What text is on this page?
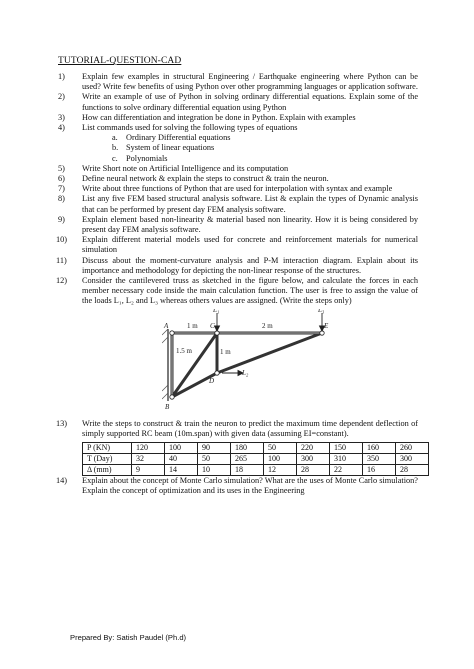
TUTORIAL-QUESTION-CAD
1)	Explain few examples in structural Engineering / Earthquake engineering where Python can be used? Write few benefits of using Python over other programming languages or application software.
2)	Write an example of use of Python in solving ordinary differential equations. Explain some of the functions to solve ordinary differential equation using Python
3)	How can differentiation and integration be done in Python. Explain with examples
4)	List commands used for solving the following types of equations
a. Ordinary Differential equations
b. System of linear equations
c. Polynomials
5)	Write Short note on Artificial Intelligence and its computation
6)	Define neural network & explain the steps to construct & train the neuron.
7)	Write about three functions of Python that are used for interpolation with syntax and example
8)	List any five FEM based structural analysis software. List & explain the types of Dynamic analysis that can be performed by present day FEM analysis software.
9)	Explain element based non-linearity & material based non linearity. How it is being considered by present day FEM analysis software.
10)	Explain different material models used for concrete and reinforcement materials for numerical simulation
11)	Discuss about the moment-curvature analysis and P-M interaction diagram. Explain about its importance and methodology for depicting the non-linear response of the structures.
12)	Consider the cantilevered truss as sketched in the figure below, and calculate the forces in each member necessary code inside the main calculation function. The user is free to assign the value of the loads L₁, L₂ and L₃ whereas others values are assigned. (Write the steps only)
L₁	L₃
L₂
A	C	E
D
B
1 m	2 m
1.5 m	1 m
13)	Write the steps to construct & train the neuron to predict the maximum time dependent deflection of simply supported RC beam (10m.span) with given data (assuming EI=constant).
P (KN)	120	100	90	180	50	220	150	160	260
T (Day)	32	40	50	265	100	300	310	350	300
Δ (mm)	9	14	10	18	12	28	22	16	28
14)	Explain about the concept of Monte Carlo simulation? What are the uses of Monte Carlo simulation? Explain the concept of optimization and its uses in the Engineering
Prepared By: Satish Paudel (Ph.d)
